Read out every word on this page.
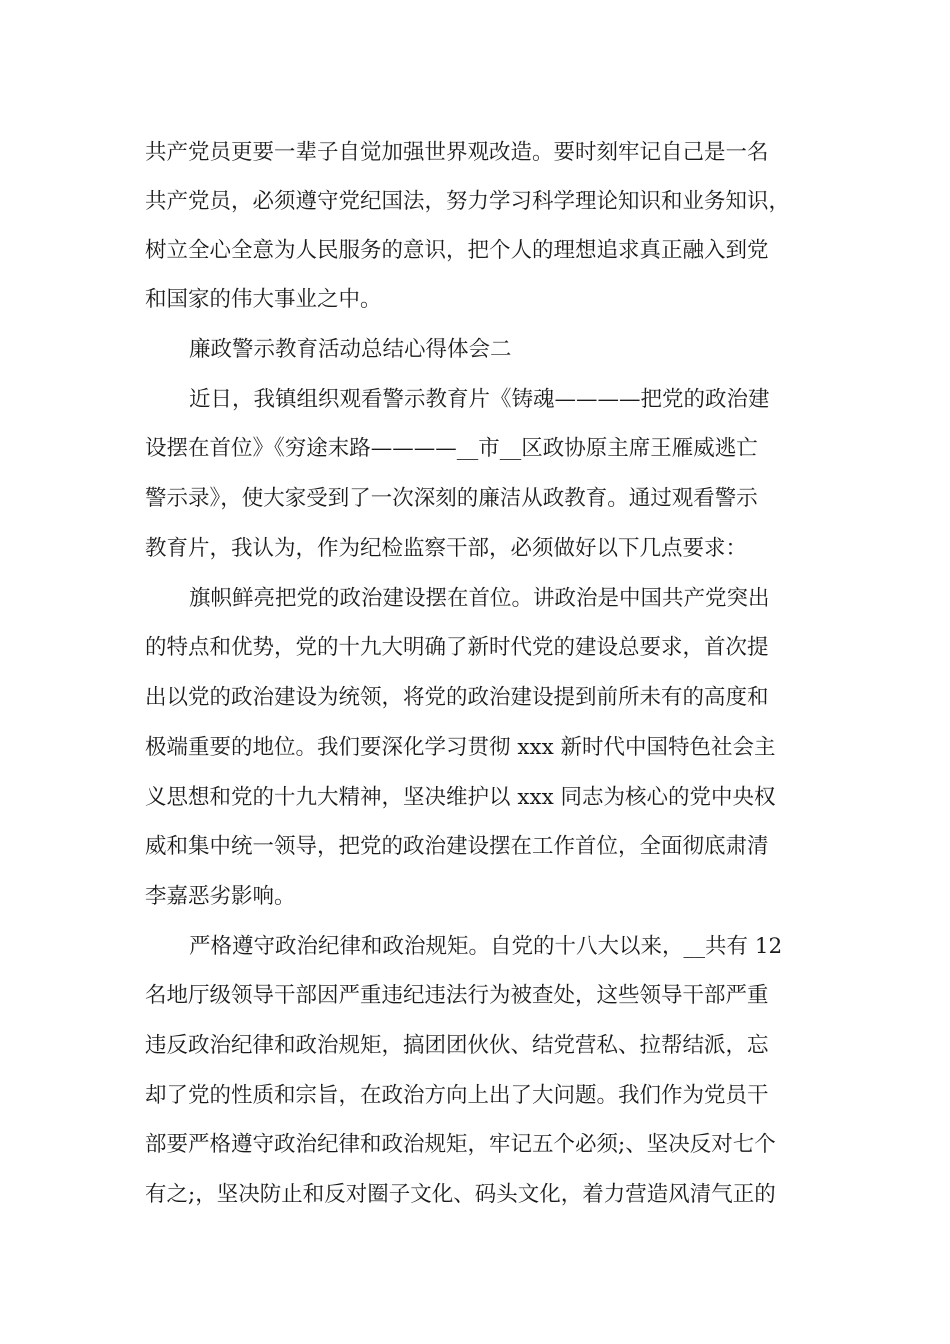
共产党员更要一辈子自觉加强世界观改造。要时刻牢记自己是一名
共产党员，必须遵守党纪国法，努力学习科学理论知识和业务知识，
树立全心全意为人民服务的意识，把个人的理想追求真正融入到党
和国家的伟大事业之中。
廉政警示教育活动总结心得体会二
近日，我镇组织观看警示教育片《铸魂————把党的政治建
设摆在首位》《穷途末路————__市__区政协原主席王雁威逃亡
警示录》，使大家受到了一次深刻的廉洁从政教育。通过观看警示
教育片，我认为，作为纪检监察干部，必须做好以下几点要求：
旗帜鲜亮把党的政治建设摆在首位。讲政治是中国共产党突出
的特点和优势，党的十九大明确了新时代党的建设总要求，首次提
出以党的政治建设为统领，将党的政治建设提到前所未有的高度和
极端重要的地位。我们要深化学习贯彻 xxx 新时代中国特色社会主
义思想和党的十九大精神，坚决维护以 xxx 同志为核心的党中央权
威和集中统一领导，把党的政治建设摆在工作首位，全面彻底肃清
李嘉恶劣影响。
严格遵守政治纪律和政治规矩。自党的十八大以来，__共有 12
名地厅级领导干部因严重违纪违法行为被查处，这些领导干部严重
违反政治纪律和政治规矩，搞团团伙伙、结党营私、拉帮结派，忘
却了党的性质和宗旨，在政治方向上出了大问题。我们作为党员干
部要严格遵守政治纪律和政治规矩，牢记五个必须;、坚决反对七个
有之;，坚决防止和反对圈子文化、码头文化，着力营造风清气正的
